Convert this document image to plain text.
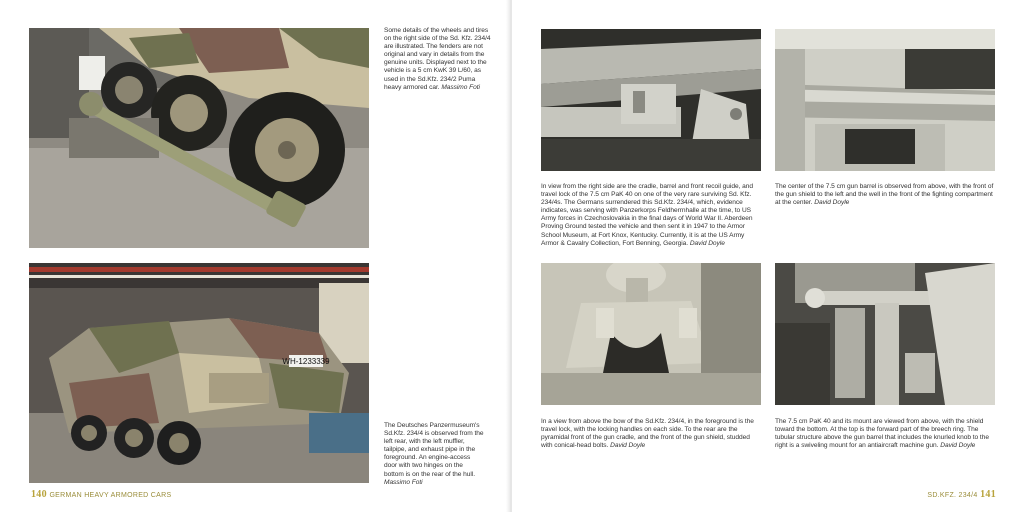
Some details of the wheels and tires on the right side of the Sd. Kfz. 234/4 are illustrated. The fenders are not original and vary in details from the genuine units. Displayed next to the vehicle is a 5 cm KwK 39 L/60, as used in the Sd.Kfz. 234/2 Puma heavy armored car. Massimo Foti
WH-1233339
The Deutsches Panzermuseum's Sd.Kfz. 234/4 is observed from the left rear, with the left muffler, tailpipe, and exhaust pipe in the foreground. An engine-access door with two hinges on the bottom is on the rear of the hull. Massimo Foti
140 GERMAN HEAVY ARMORED CARS
In view from the right side are the cradle, barrel and front recoil guide, and travel lock of the 7.5 cm PaK 40 on one of the very rare surviving Sd. Kfz. 234/4s. The Germans surrendered this Sd.Kfz. 234/4, which, evidence indicates, was serving with Panzerkorps Feldherrnhalle at the time, to US Army forces in Czechoslovakia in the final days of World War II. Aberdeen Proving Ground tested the vehicle and then sent it in 1947 to the Armor School Museum, at Fort Knox, Kentucky. Currently, it is at the US Army Armor & Cavalry Collection, Fort Benning, Georgia. David Doyle
The center of the 7.5 cm gun barrel is observed from above, with the front of the gun shield to the left and the well in the front of the fighting compartment at the center. David Doyle
In a view from above the bow of the Sd.Kfz. 234/4, in the foreground is the travel lock, with the locking handles on each side. To the rear are the pyramidal front of the gun cradle, and the front of the gun shield, studded with conical-head bolts. David Doyle
The 7.5 cm PaK 40 and its mount are viewed from above, with the shield toward the bottom. At the top is the forward part of the breech ring. The tubular structure above the gun barrel that includes the knurled knob to the right is a swiveling mount for an antiaircraft machine gun. David Doyle
SD.KFZ. 234/4 141
